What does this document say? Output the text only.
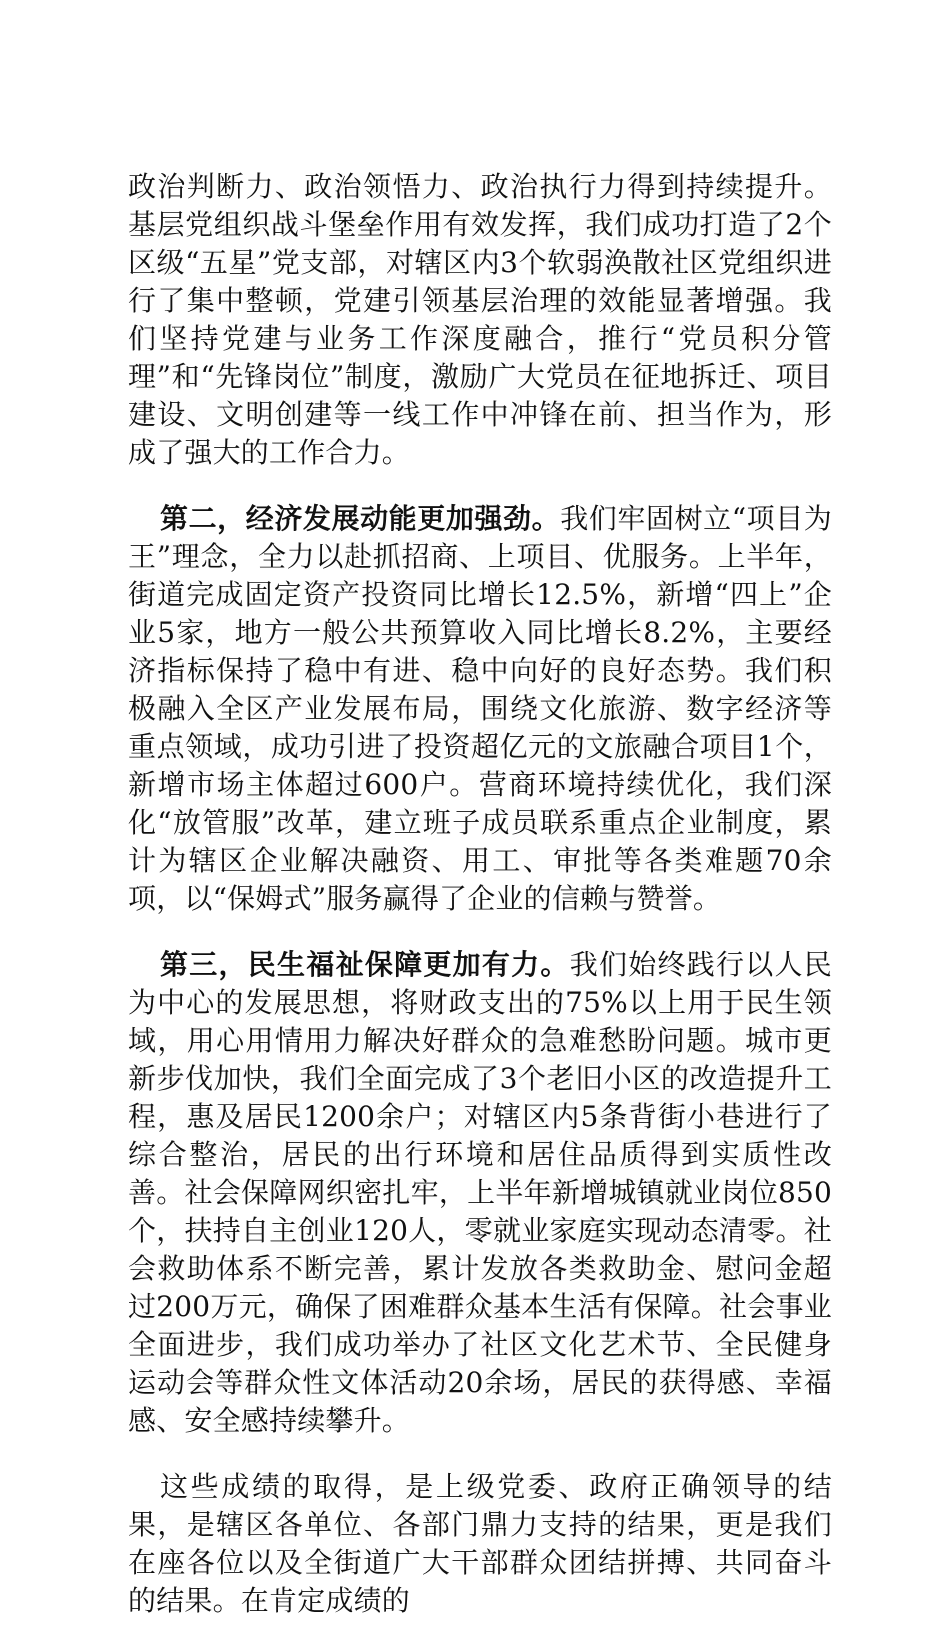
政治判断力、政治领悟力、政治执行力得到持续提升。基层党组织战斗堡垒作用有效发挥，我们成功打造了2个区级“五星”党支部，对辖区内3个软弱涣散社区党组织进行了集中整顿，党建引领基层治理的效能显著增强。我们坚持党建与业务工作深度融合，推行“党员积分管理”和“先锋岗位”制度，激励广大党员在征地拆迁、项目建设、文明创建等一线工作中冲锋在前、担当作为，形成了强大的工作合力。

第二，经济发展动能更加强劲。我们牢固树立“项目为王”理念，全力以赴抓招商、上项目、优服务。上半年，街道完成固定资产投资同比增长12.5%，新增“四上”企业5家，地方一般公共预算收入同比增长8.2%，主要经济指标保持了稳中有进、稳中向好的良好态势。我们积极融入全区产业发展布局，围绕文化旅游、数字经济等重点领域，成功引进了投资超亿元的文旅融合项目1个，新增市场主体超过600户。营商环境持续优化，我们深化“放管服”改革，建立班子成员联系重点企业制度，累计为辖区企业解决融资、用工、审批等各类难题70余项，以“保姆式”服务赢得了企业的信赖与赞誉。

第三，民生福祉保障更加有力。我们始终践行以人民为中心的发展思想，将财政支出的75%以上用于民生领域，用心用情用力解决好群众的急难愁盼问题。城市更新步伐加快，我们全面完成了3个老旧小区的改造提升工程，惠及居民1200余户；对辖区内5条背街小巷进行了综合整治，居民的出行环境和居住品质得到实质性改善。社会保障网织密扎牢，上半年新增城镇就业岗位850个，扶持自主创业120人，零就业家庭实现动态清零。社会救助体系不断完善，累计发放各类救助金、慰问金超过200万元，确保了困难群众基本生活有保障。社会事业全面进步，我们成功举办了社区文化艺术节、全民健身运动会等群众性文体活动20余场，居民的获得感、幸福感、安全感持续攀升。

这些成绩的取得，是上级党委、政府正确领导的结果，是辖区各单位、各部门鼎力支持的结果，更是我们在座各位以及全街道广大干部群众团结拼搏、共同奋斗的结果。在肯定成绩的
